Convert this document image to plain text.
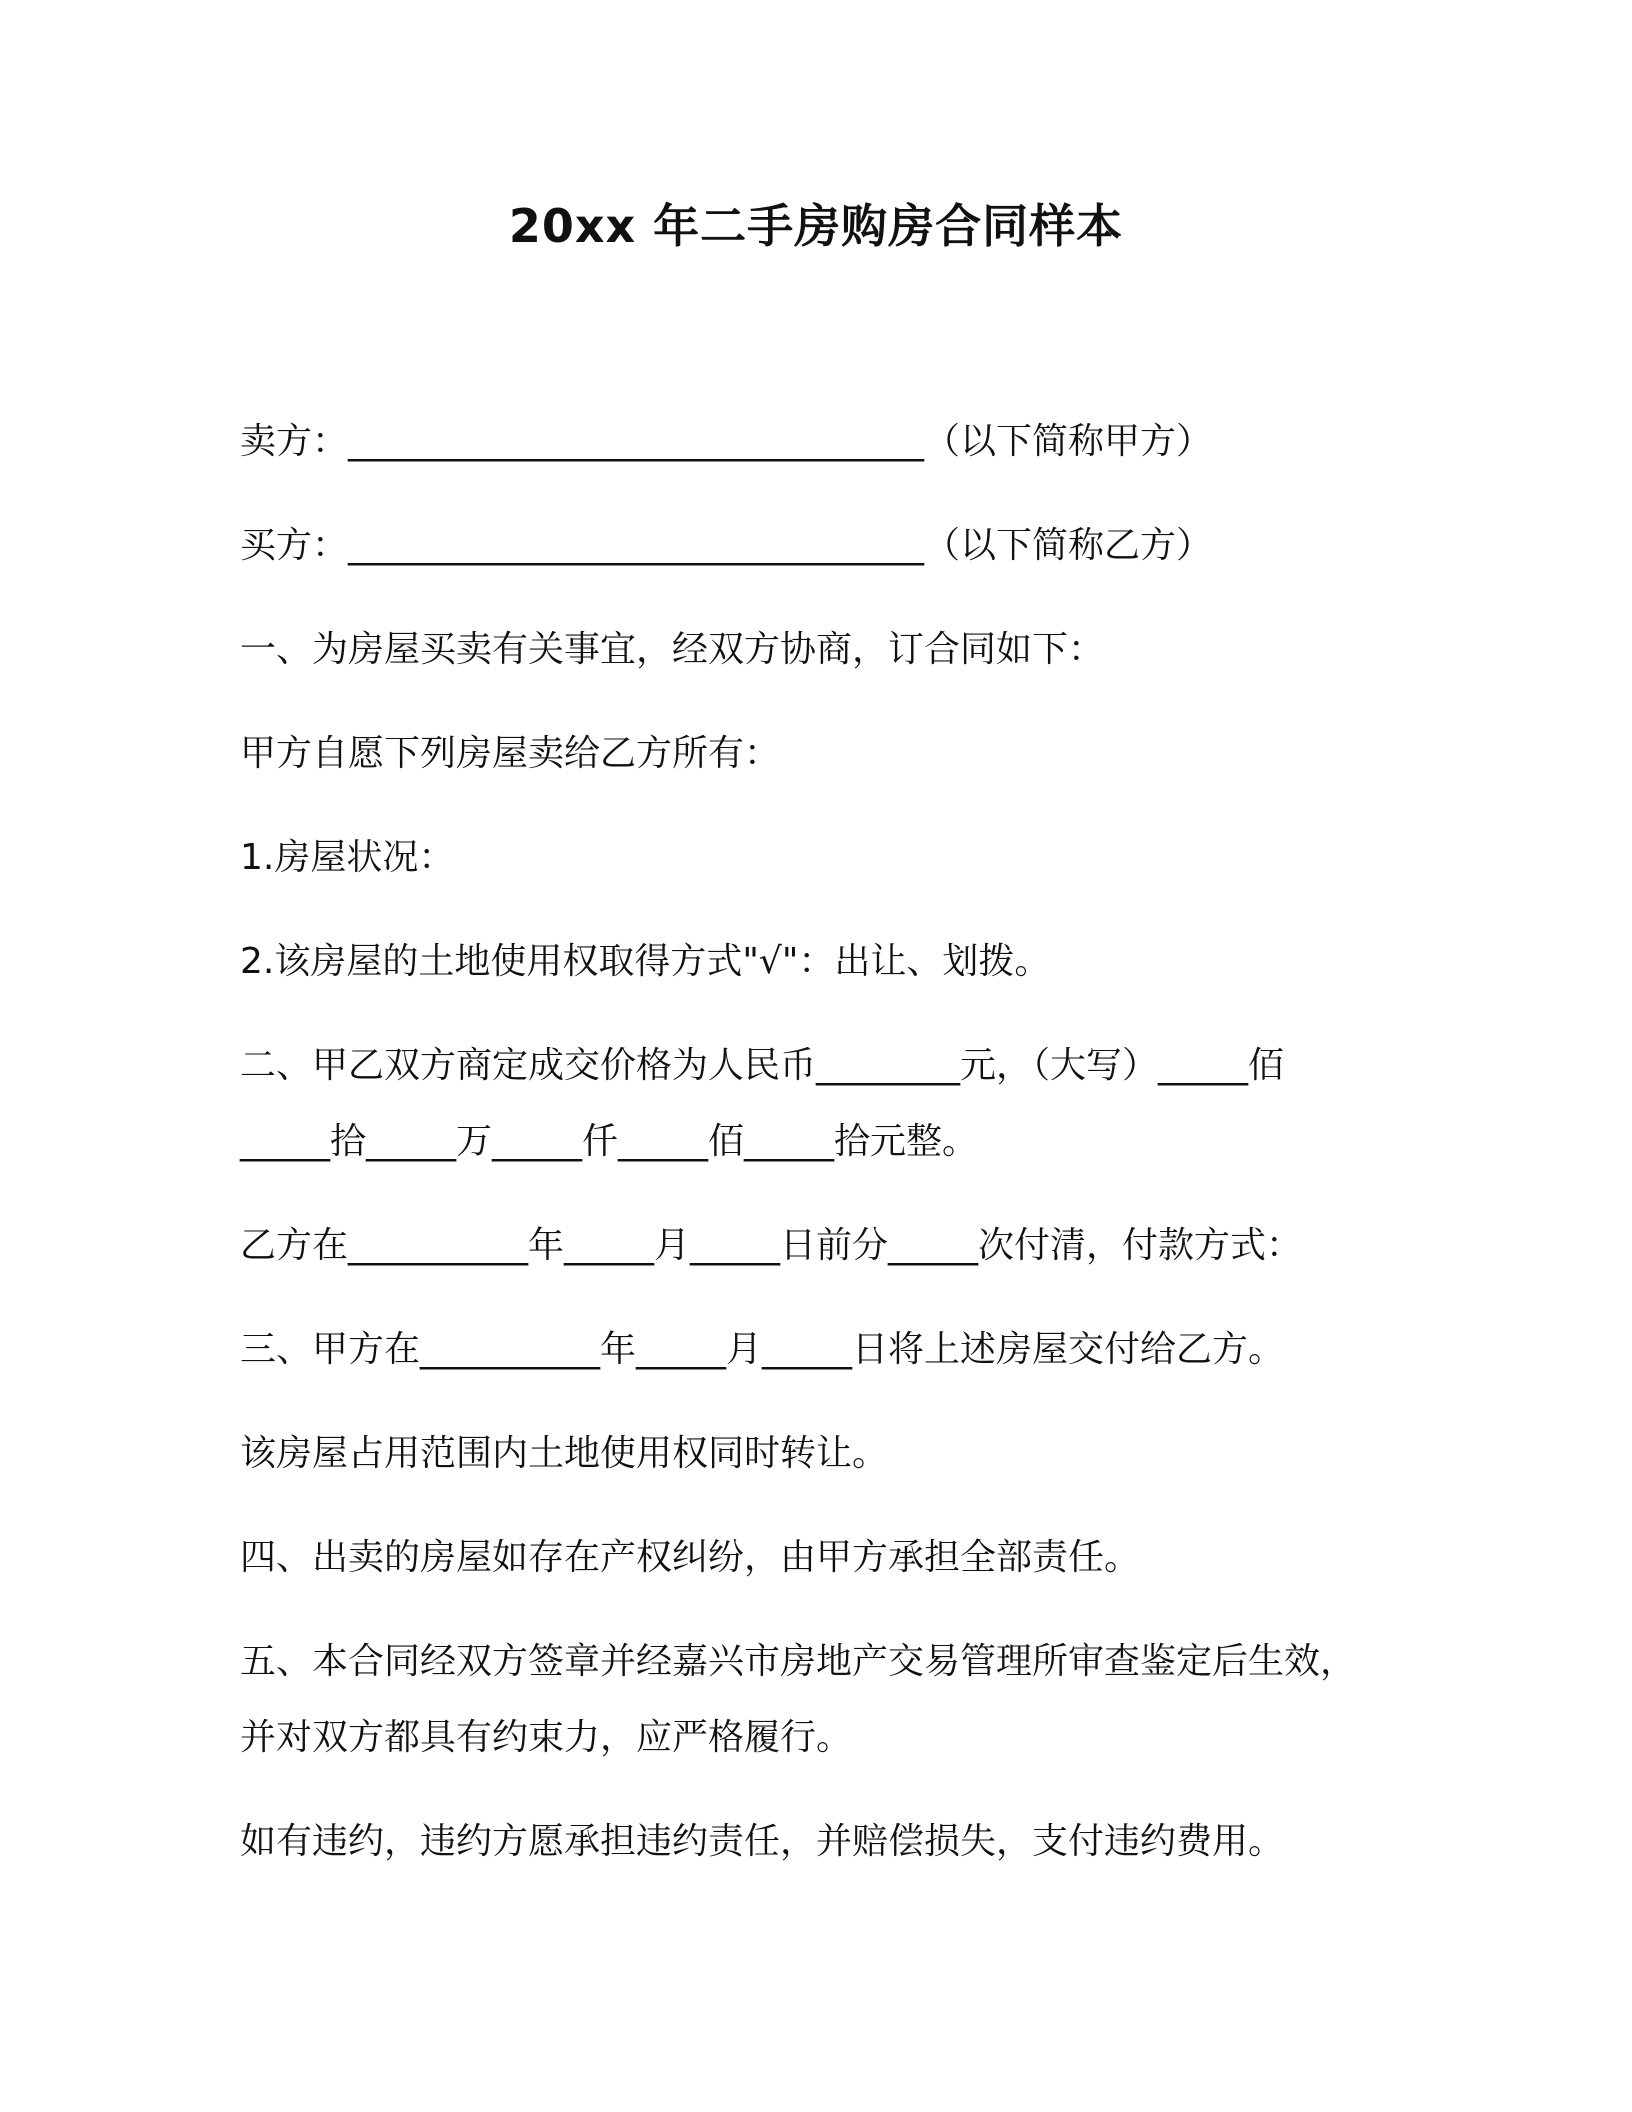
20xx 年二手房购房合同样本
卖方：________________________________（以下简称甲方）
买方：________________________________（以下简称乙方）
一、为房屋买卖有关事宜，经双方协商，订合同如下：
甲方自愿下列房屋卖给乙方所有：
1.房屋状况：
2.该房屋的土地使用权取得方式"√"：出让、划拨。
二、甲乙双方商定成交价格为人民币________元，（大写）_____佰
_____拾_____万_____仟_____佰_____拾元整。
乙方在__________年_____月_____日前分_____次付清，付款方式：
三、甲方在__________年_____月_____日将上述房屋交付给乙方。
该房屋占用范围内土地使用权同时转让。
四、出卖的房屋如存在产权纠纷，由甲方承担全部责任。
五、本合同经双方签章并经嘉兴市房地产交易管理所审查鉴定后生效，
并对双方都具有约束力，应严格履行。
如有违约，违约方愿承担违约责任，并赔偿损失，支付违约费用。
